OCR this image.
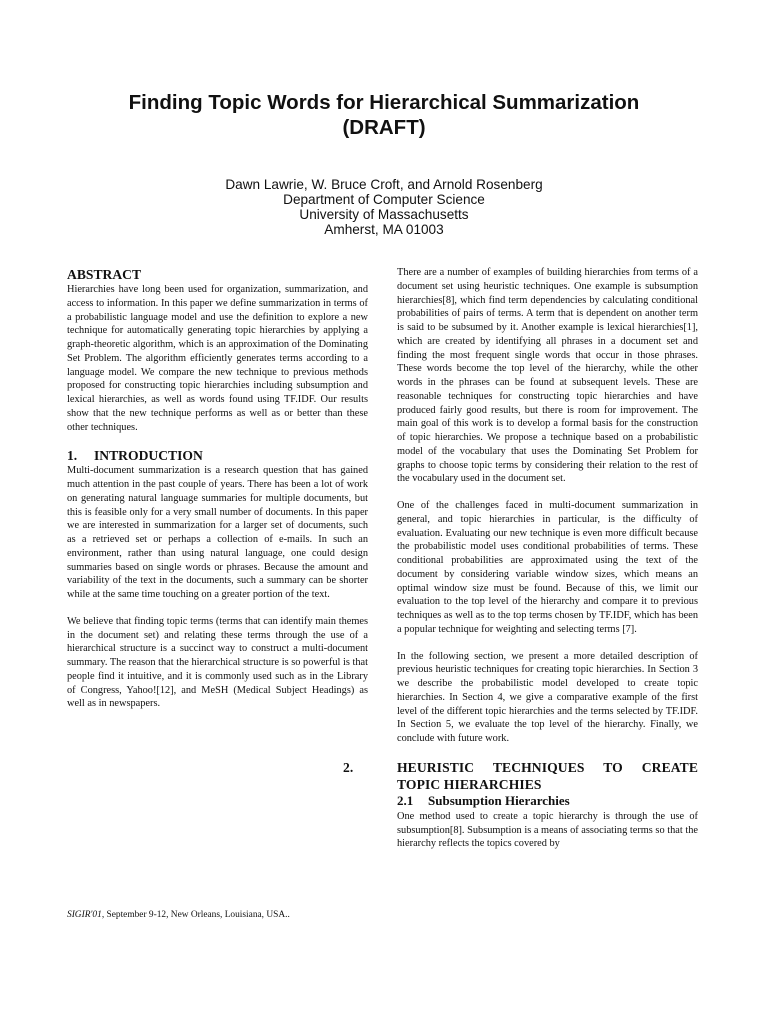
Finding Topic Words for Hierarchical Summarization
(DRAFT)
Dawn Lawrie, W. Bruce Croft, and Arnold Rosenberg
Department of Computer Science
University of Massachusetts
Amherst, MA 01003
ABSTRACT

Hierarchies have long been used for organization, summarization, and access to information. In this paper we define summarization in terms of a probabilistic language model and use the definition to explore a new technique for automatically generating topic hierarchies by applying a graph-theoretic algorithm, which is an approximation of the Dominating Set Problem. The algorithm efficiently generates terms according to a language model. We compare the new technique to previous methods proposed for constructing topic hierarchies including subsumption and lexical hierarchies, as well as words found using TF.IDF. Our results show that the new technique performs as well as or better than these other techniques.

1. INTRODUCTION

Multi-document summarization is a research question that has gained much attention in the past couple of years. There has been a lot of work on generating natural language summaries for multiple documents, but this is feasible only for a very small number of documents. In this paper we are interested in summarization for a larger set of documents, such as a retrieved set or perhaps a collection of e-mails. In such an environment, rather than using natural language, one could design summaries based on single words or phrases. Because the amount and variability of the text in the documents, such a summary can be shorter while at the same time touching on a greater portion of the text.

We believe that finding topic terms (terms that can identify main themes in the document set) and relating these terms through the use of a hierarchical structure is a succinct way to construct a multi-document summary. The reason that the hierarchical structure is so powerful is that people find it intuitive, and it is commonly used such as in the Library of Congress, Yahoo![12], and MeSH (Medical Subject Headings) as well as in newspapers.

SIGIR'01, September 9-12, New Orleans, Louisiana, USA..

There are a number of examples of building hierarchies from terms of a document set using heuristic techniques. One example is subsumption hierarchies[8], which find term dependencies by calculating conditional probabilities of pairs of terms. A term that is dependent on another term is said to be subsumed by it. Another example is lexical hierarchies[1], which are created by identifying all phrases in a document set and finding the most frequent single words that occur in those phrases. These words become the top level of the hierarchy, while the other words in the phrases can be found at subsequent levels. These are reasonable techniques for constructing topic hierarchies and have produced fairly good results, but there is room for improvement. The main goal of this work is to develop a formal basis for the construction of topic hierarchies. We propose a technique based on a probabilistic model of the vocabulary that uses the Dominating Set Problem for graphs to choose topic terms by considering their relation to the rest of the vocabulary used in the document set.

One of the challenges faced in multi-document summarization in general, and topic hierarchies in particular, is the difficulty of evaluation. Evaluating our new technique is even more difficult because the probabilistic model uses conditional probabilities of terms. These conditional probabilities are approximated using the text of the document by considering variable window sizes, which means an optimal window size must be found. Because of this, we limit our evaluation to the top level of the hierarchy and compare it to previous techniques as well as to the top terms chosen by TF.IDF, which has been a popular technique for weighting and selecting terms [7].

In the following section, we present a more detailed description of previous heuristic techniques for creating topic hierarchies. In Section 3 we describe the probabilistic model developed to create topic hierarchies. In Section 4, we give a comparative example of the first level of the different topic hierarchies and the terms selected by TF.IDF. In Section 5, we evaluate the top level of the hierarchy. Finally, we conclude with future work.

2.	HEURISTIC TECHNIQUES TO CREATE TOPIC HIERARCHIES
2.1 Subsumption Hierarchies

One method used to create a topic hierarchy is through the use of subsumption[8]. Subsumption is a means of associating terms so that the hierarchy reflects the topics covered by
